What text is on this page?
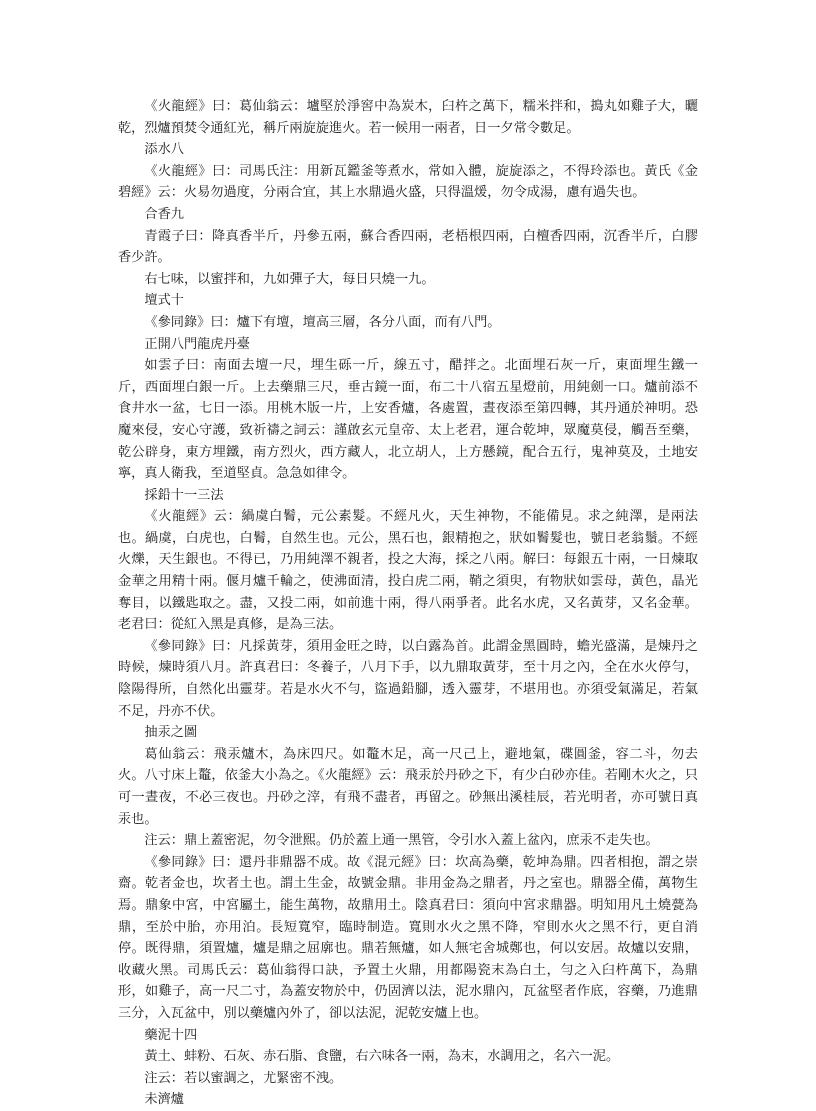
《火龍經》曰：葛仙翁云：壚堅於淨窖中為炭木，臼杵之萬下，糯米拌和，搗丸如雞子大，曬乾，烈爐預焚令通紅光，稱斤兩旋旋進火。若一候用一兩者，日一夕常令數足。

添水八

《火龍經》曰：司馬氏注：用新瓦鑑釜等煮水，常如入體，旋旋添之，不得玲添也。黃氏《金碧經》云：火易勿過度，分兩合宜，其上水鼎過火盛，只得溫煖，勿令成湯，慮有過失也。

合香九

青霞子曰：降真香半斤，丹參五兩，蘇合香四兩，老梧根四兩，白檀香四兩，沉香半斤，白膠香少許。

右七味，以蜜拌和，九如彈子大，每日只燒一九。

壇式十

《參同錄》曰：爐下有壇，壇高三層，各分八面，而有八門。

正開八門龍虎丹臺

如雲子曰：南面去壇一尺，埋生砾一斤，線五寸，醋拌之。北面埋石灰一斤，東面埋生鐵一斤，西面埋白銀一斤。上去藥鼎三尺，垂古鏡一面，布二十八宿五星燈前，用純劍一口。爐前添不食井水一盆，七日一添。用桃木版一片，上安香爐，各處置，晝夜添至第四轉，其丹通於神明。恐魔來侵，安心守護，致祈禱之詞云：謹啟玄元皇帝、太上老君，運合乾坤，眾魔莫侵，觸吾至藥，乾公辟身，東方埋鐵，南方烈火，西方藏人，北立胡人，上方懸鏡，配合五行，鬼神莫及，土地安寧，真人衛我，至道堅貞。急急如律令。

採鉛十一三法

《火龍經》云：緺虞白鬌，元公素髮。不經凡火，天生神物，不能備見。求之純澤，是兩法也。緺虞，白虎也，白鬌，自然生也。元公，黑石也，銀精抱之，狀如鬌髮也，號日老翁鬚。不經火爍，天生銀也。不得已，乃用純澤不親者，投之大海，採之八兩。解曰：每銀五十兩，一日煉取金華之用精十兩。偃月爐千輪之，使沸面清，投白虎二兩，鞘之須臾，有物狀如雲母，黃色，晶光奪目，以鐵匙取之。盡，又投二兩，如前進十兩，得八兩爭者。此名水虎，又名黃芽，又名金華。老君曰：從紅入黑是真修，是為三法。

《參同錄》曰：凡採黃芽，須用金旺之時，以白露為首。此謂金黑圓時，蟾光盛滿，是煉丹之時候，煉時須八月。許真君曰：冬養子，八月下手，以九鼎取黃芽，至十月之內，全在水火停勻，陰陽得所，自然化出靈芽。若是水火不勻，盜過鉛腳，透入靈芽，不堪用也。亦須受氣滿足，若氣不足，丹亦不伏。

抽汞之圖

葛仙翁云：飛汞爐木，為床四尺。如鼇木足，高一尺己上，避地氣，碟圓釜，容二斗，勿去火。八寸床上鼇，依釜大小為之。《火龍經》云：飛汞於丹砂之下，有少白砂亦佳。若剛木火之，只可一晝夜，不必三夜也。丹砂之滓，有飛不盡者，再留之。砂無出溪桂辰，若光明者，亦可號日真汞也。

注云：鼎上蓋密泥，勿令泄熙。仍於蓋上通一黑管，令引水入蓋上盆內，庶汞不走失也。

《參同錄》曰：還丹非鼎器不成。故《混元經》曰：坎高為藥，乾坤為鼎。四者相抱，謂之崇齋。乾者金也，坎者土也。謂土生金，故號金鼎。非用金為之鼎者，丹之室也。鼎器全備，萬物生焉。鼎象中宮，中宮屬土，能生萬物，故鼎用土。陰真君曰：須向中宮求鼎器。明知用凡土燒甍為鼎，至於中胎，亦用泊。長短寬窄，臨時制造。寬則水火之黑不降，窄則水火之黑不行，更自消停。既得鼎，須置爐，爐是鼎之屈廓也。鼎若無爐，如人無宅舍城鄭也，何以安居。故爐以安鼎，收藏火黑。司馬氏云：葛仙翁得口訣，予置土火鼎，用都陽瓷末為白土，勻之入臼杵萬下，為鼎形，如雞子，高一尺二寸，為蓋安物於中，仍固濟以法，泥水鼎內，瓦盆堅者作底，容藥，乃進鼎三分，入瓦盆中，別以藥爐內外了，卻以法泥，泥乾安爐上也。

藥泥十四

黃土、蚌粉、石灰、赤石脂、食鹽，右六味各一兩，為末，水調用之，名六一泥。

注云：若以蜜調之，尤緊密不洩。

未濟爐
